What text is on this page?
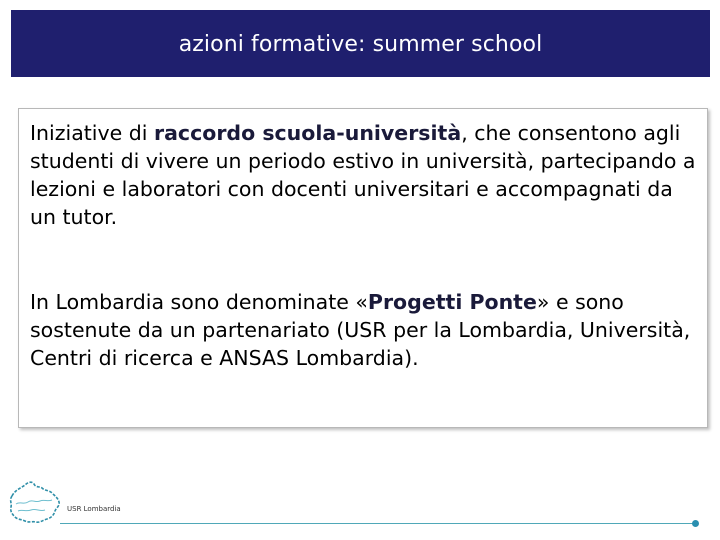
azioni formative: summer school

Iniziative di raccordo scuola-università, che consentono agli studenti di vivere un periodo estivo in università, partecipando a lezioni e laboratori con docenti universitari e accompagnati da un tutor.

In Lombardia sono denominate «Progetti Ponte» e sono sostenute da un partenariato (USR per la Lombardia, Università, Centri di ricerca e ANSAS Lombardia).

USR Lombardia
